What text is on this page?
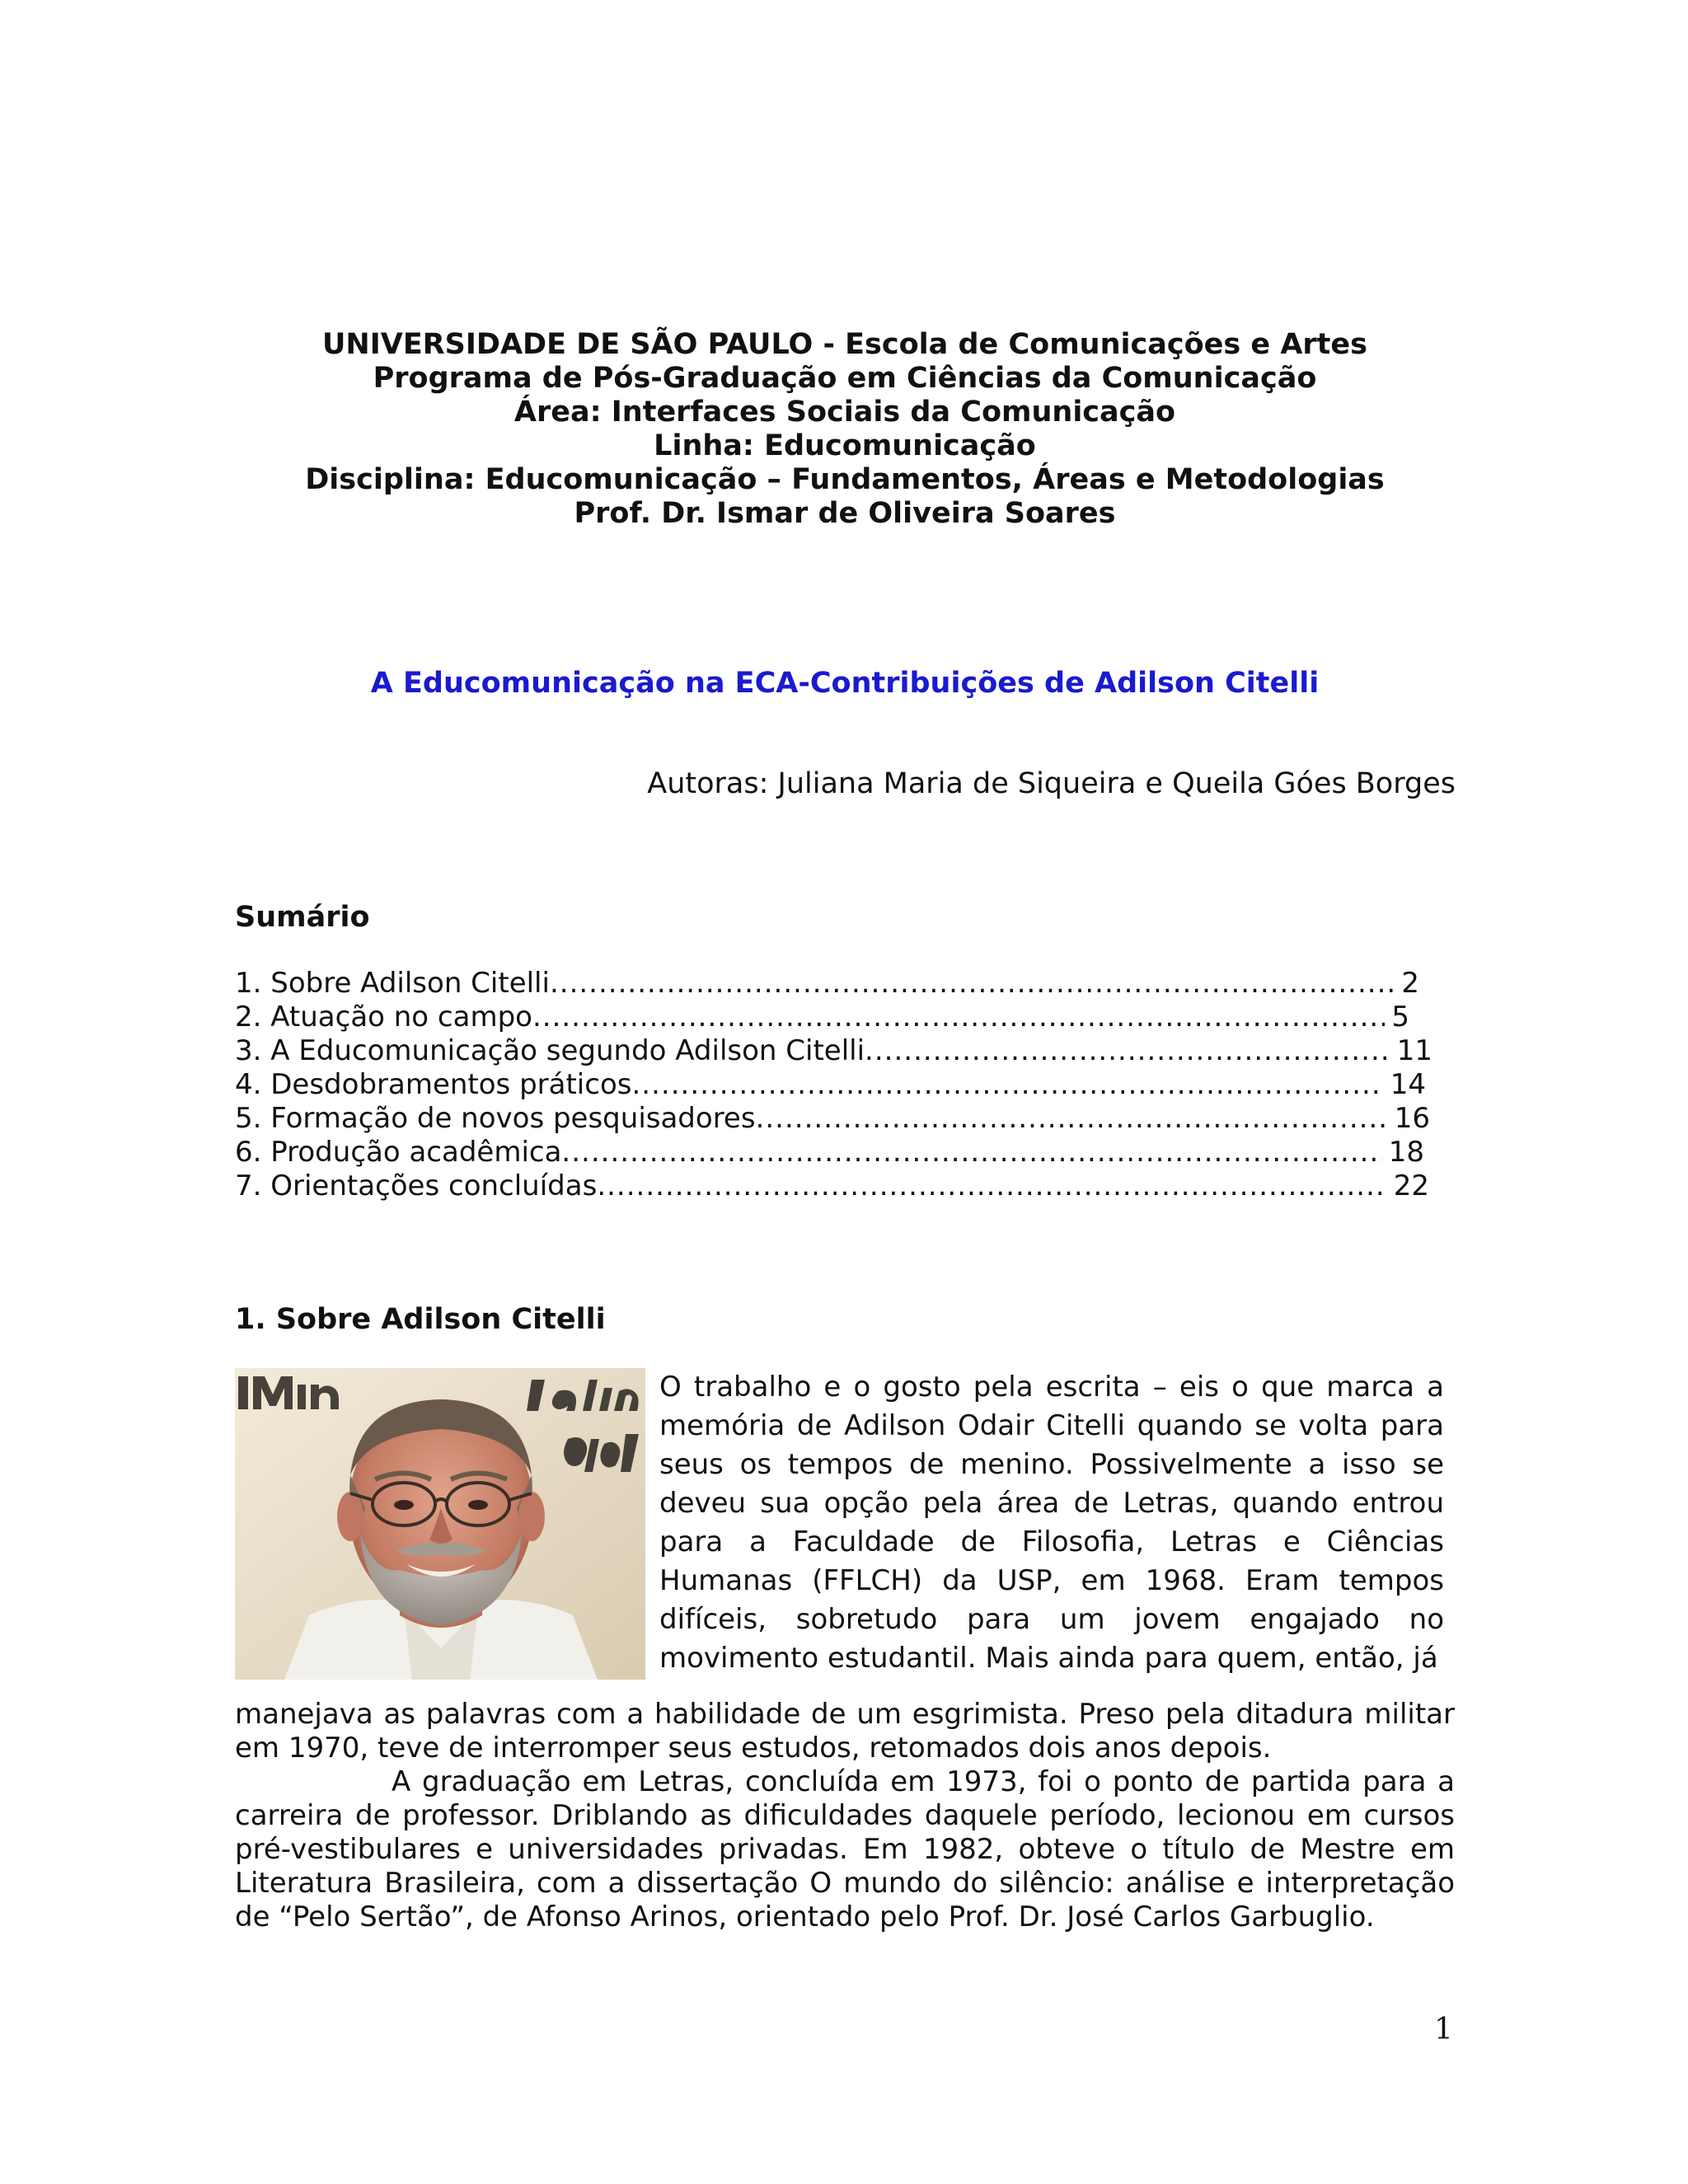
UNIVERSIDADE DE SÃO PAULO - Escola de Comunicações e Artes
Programa de Pós-Graduação em Ciências da Comunicação
Área: Interfaces Sociais da Comunicação
Linha: Educomunicação
Disciplina: Educomunicação – Fundamentos, Áreas e Metodologias
Prof. Dr. Ismar de Oliveira Soares
A Educomunicação na ECA-Contribuições de Adilson Citelli
Autoras: Juliana Maria de Siqueira e Queila Góes Borges
Sumário
1. Sobre Adilson Citelli .....	2
2. Atuação no campo .....	5
3. A Educomunicação segundo Adilson Citelli .....	11
4. Desdobramentos práticos .....	14
5. Formação de novos pesquisadores .....	16
6. Produção acadêmica .....	18
7. Orientações concluídas .....	22
1. Sobre Adilson Citelli
O trabalho e o gosto pela escrita – eis o que marca a
memória de Adilson Odair Citelli quando se volta para
seus os tempos de menino. Possivelmente a isso se
deveu sua opção pela área de Letras, quando entrou
para a Faculdade de Filosofia, Letras e Ciências
Humanas (FFLCH) da USP, em 1968. Eram tempos
difíceis, sobretudo para um jovem engajado no
movimento estudantil. Mais ainda para quem, então, já
manejava as palavras com a habilidade de um esgrimista. Preso pela ditadura militar
em 1970, teve de interromper seus estudos, retomados dois anos depois.
A graduação em Letras, concluída em 1973, foi o ponto de partida para a
carreira de professor. Driblando as dificuldades daquele período, lecionou em cursos
pré-vestibulares e universidades privadas. Em 1982, obteve o título de Mestre em
Literatura Brasileira, com a dissertação O mundo do silêncio: análise e interpretação
de “Pelo Sertão”, de Afonso Arinos, orientado pelo Prof. Dr. José Carlos Garbuglio.
1
